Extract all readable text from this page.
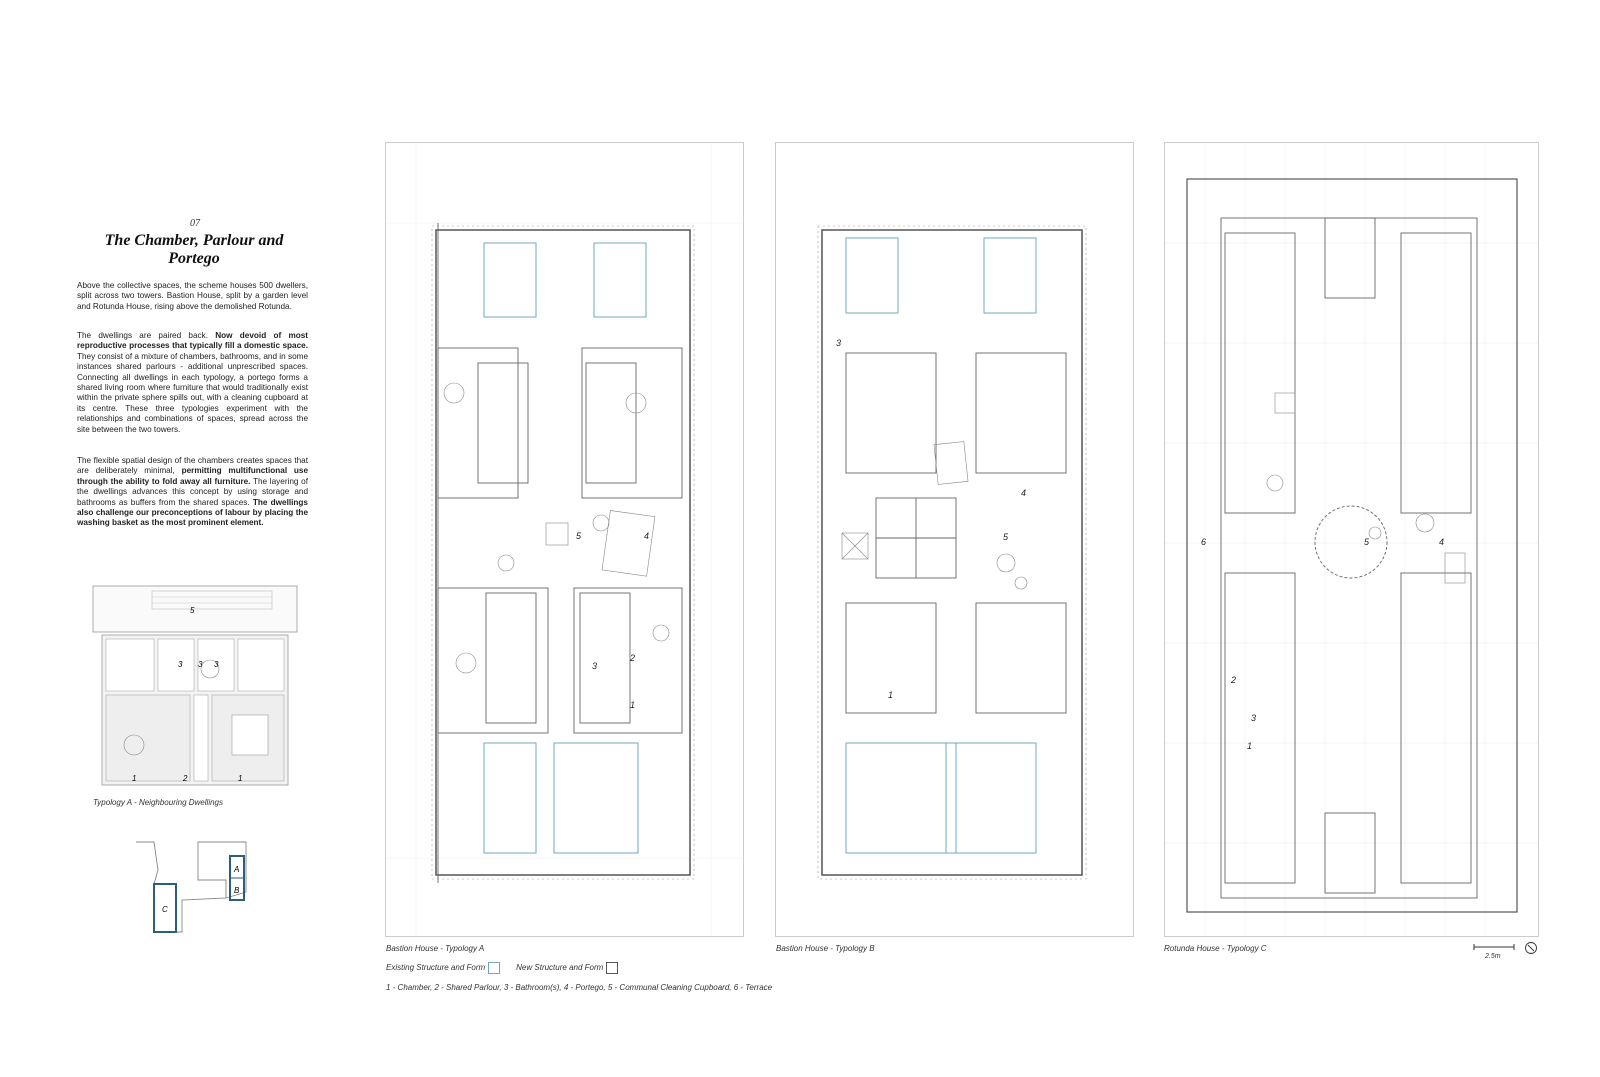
07
The Chamber, Parlour and Portego

Above the collective spaces, the scheme houses 500 dwellers, split across two towers. Bastion House, split by a garden level and Rotunda House, rising above the demolished Rotunda.

The dwellings are paired back. Now devoid of most reproductive processes that typically fill a domestic space. They consist of a mixture of chambers, bathrooms, and in some instances shared parlours - additional unprescribed spaces. Connecting all dwellings in each typology, a portego forms a shared living room where furniture that would traditionally exist within the private sphere spills out, with a cleaning cupboard at its centre. These three typologies experiment with the relationships and combinations of spaces, spread across the site between the two towers.

The flexible spatial design of the chambers creates spaces that are deliberately minimal, permitting multifunctional use through the ability to fold away all furniture. The layering of the dwellings advances this concept by using storage and bathrooms as buffers from the shared spaces. The dwellings also challenge our preconceptions of labour by placing the washing basket as the most prominent element.

5
3 3 3
1	2	1
Typology A - Neighbouring Dwellings
A
B
C
5	4
3
2
1
Bastion House - Typology A
3
4
5
1
Bastion House - Typology B
6	5	4
2
3
1
Rotunda House - Typology C
Existing Structure and Form	New Structure and Form
1 - Chamber, 2 - Shared Parlour, 3 - Bathroom(s), 4 - Portego, 5 - Communal Cleaning Cupboard, 6 - Terrace
2.5m
